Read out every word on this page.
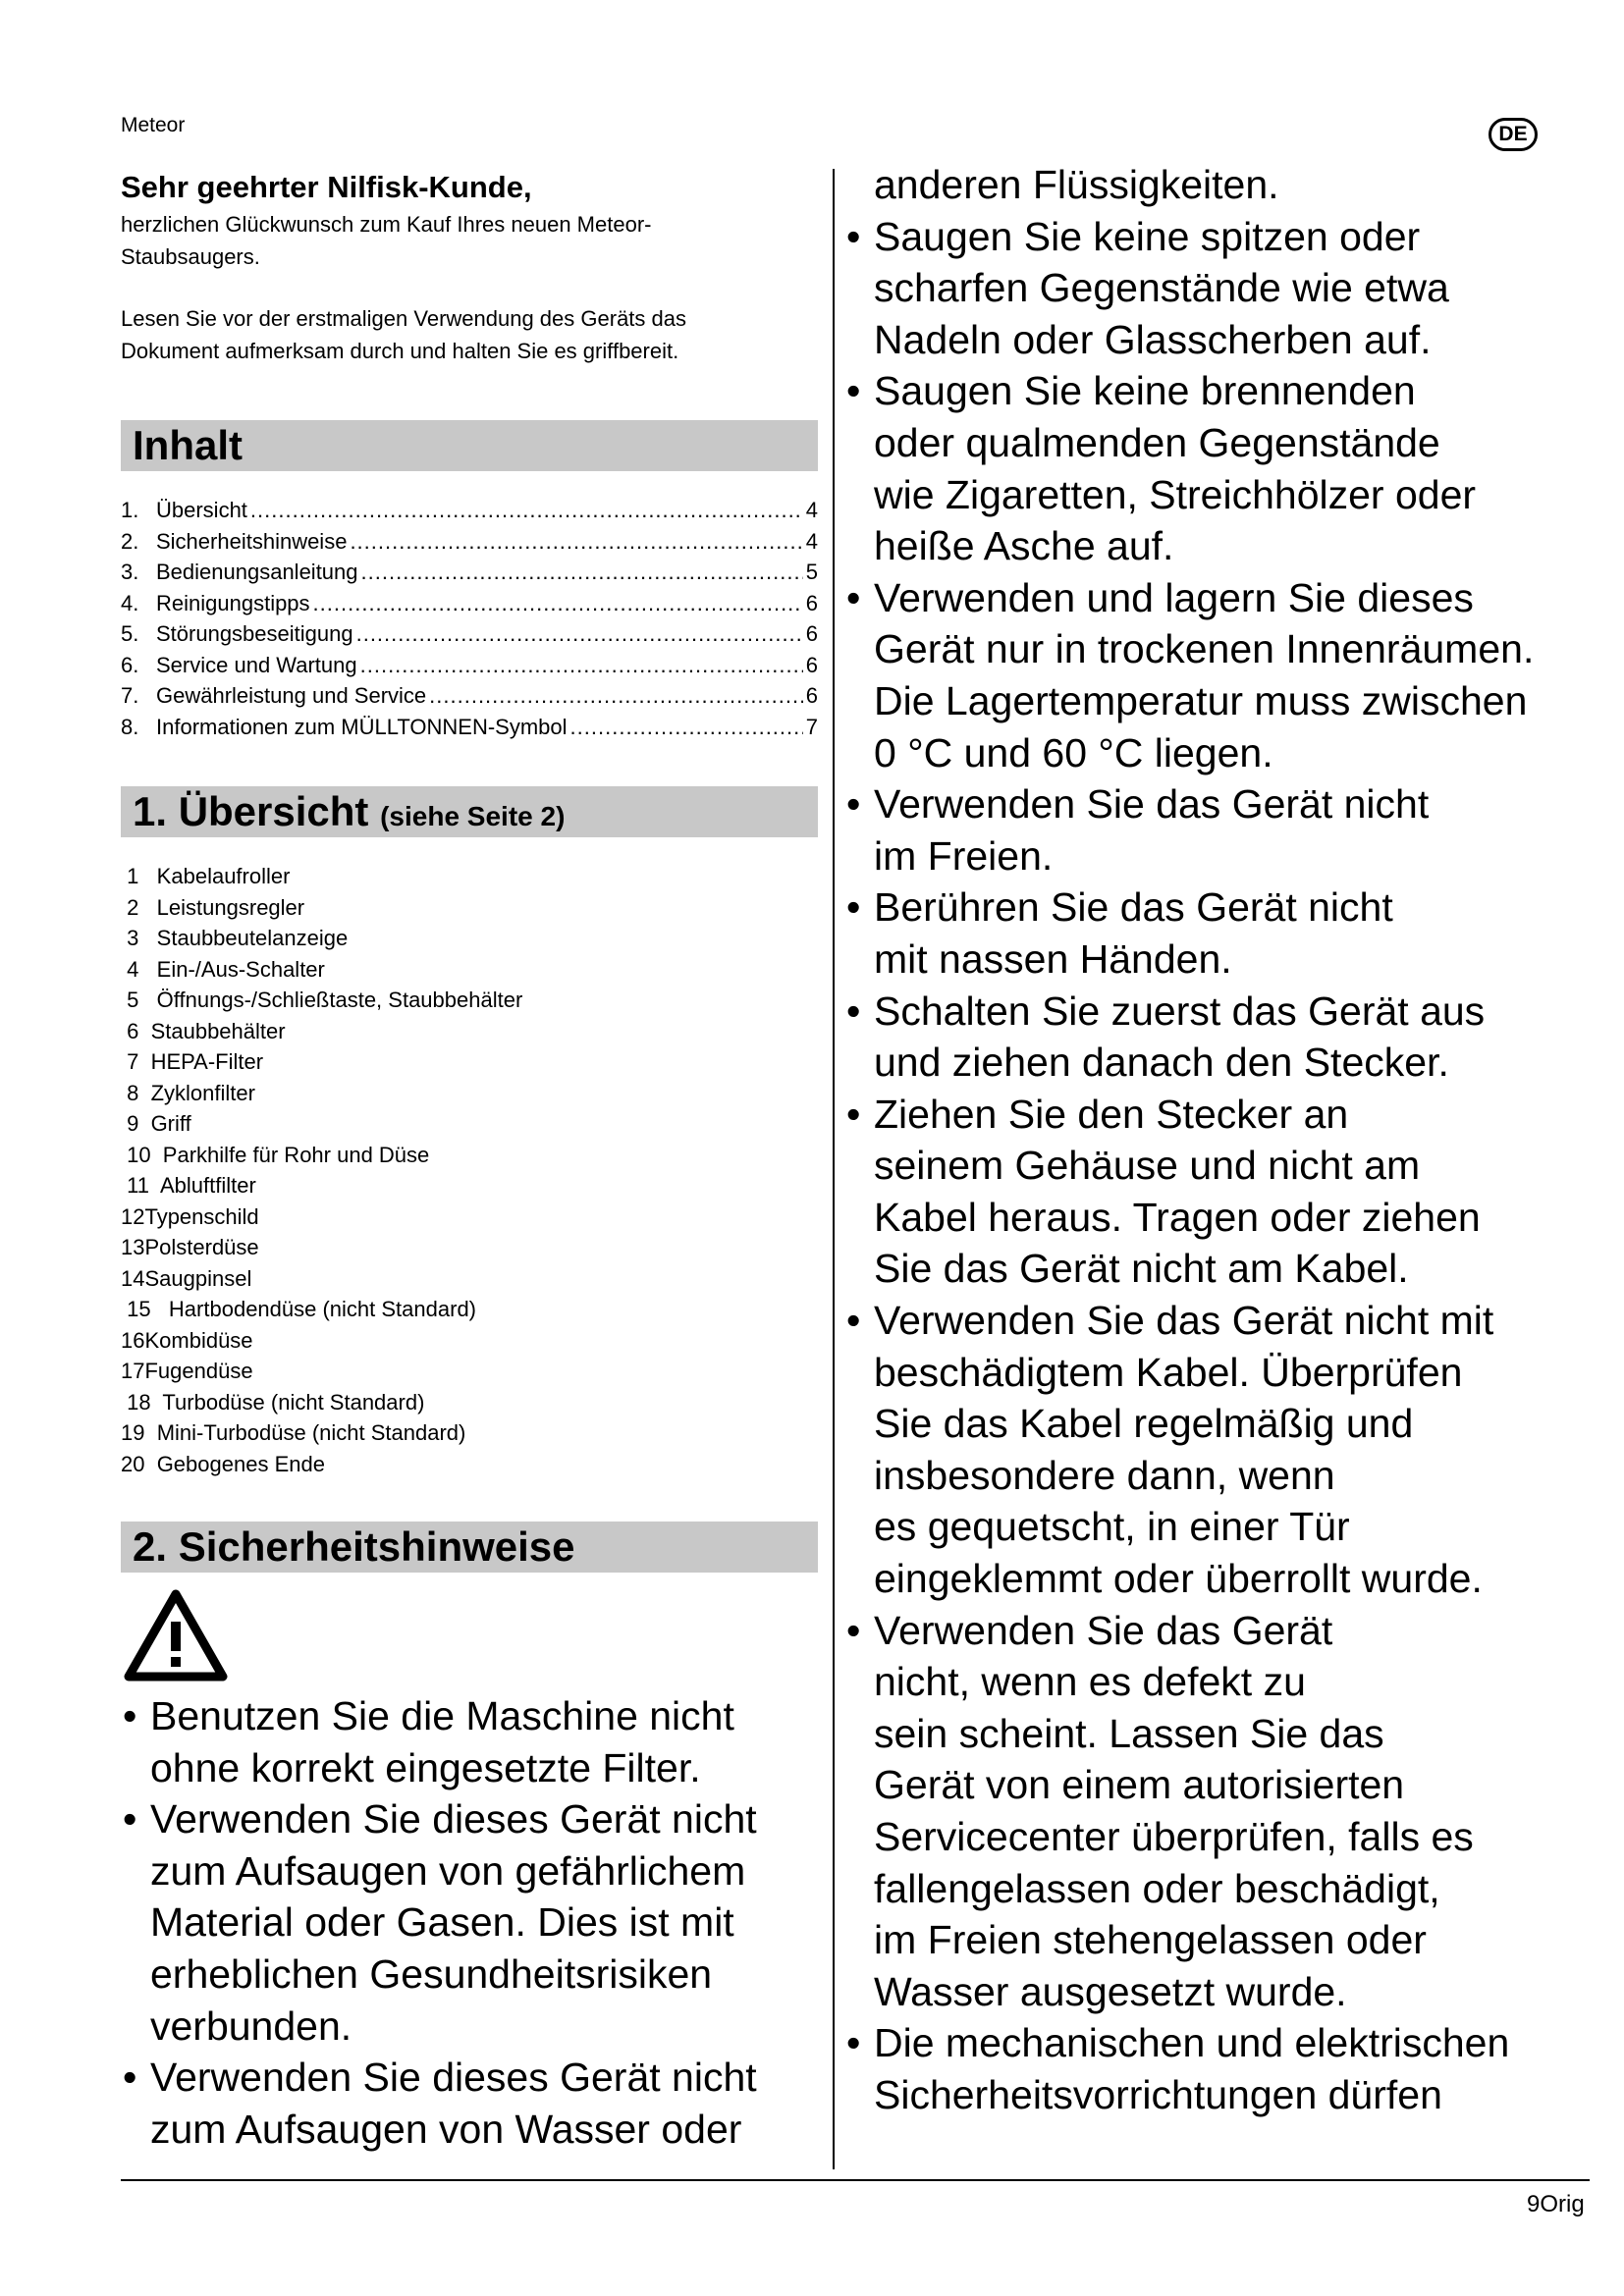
Meteor	DE

Sehr geehrter Nilfisk-Kunde,

herzlichen Glückwunsch zum Kauf Ihres neuen Meteor-

Staubsaugers.

Lesen Sie vor der erstmaligen Verwendung des Geräts das

Dokument aufmerksam durch und halten Sie es griffbereit.

Inhalt
1. Übersicht .....	4
2. Sicherheitshinweise .....	4
3. Bedienungsanleitung .....	5
4. Reinigungstipps .....	6
5. Störungsbeseitigung .....	6
6. Service und Wartung .....	6
7. Gewährleistung und Service .....	6
8. Informationen zum MÜLLTONNEN-Symbol .....	7
1. Übersicht (siehe Seite 2)
1   Kabelaufroller
2   Leistungsregler
3   Staubbeutelanzeige
4   Ein-/Aus-Schalter
5   Öffnungs-/Schließtaste, Staubbehälter
6  Staubbehälter
7  HEPA-Filter
8  Zyklonfilter
9  Griff
10  Parkhilfe für Rohr und Düse
11  Abluftfilter
12Typenschild
13Polsterdüse
14Saugpinsel
15   Hartbodendüse (nicht Standard)
16Kombidüse
17Fugendüse
18  Turbodüse (nicht Standard)
19  Mini-Turbodüse (nicht Standard)
20  Gebogenes Ende
2. Sicherheitshinweise
• Benutzen Sie die Maschine nicht
ohne korrekt eingesetzte Filter.
• Verwenden Sie dieses Gerät nicht
zum Aufsaugen von gefährlichem
Material oder Gasen. Dies ist mit
erheblichen Gesundheitsrisiken
verbunden.
• Verwenden Sie dieses Gerät nicht
zum Aufsaugen von Wasser oder
anderen Flüssigkeiten.
• Saugen Sie keine spitzen oder
scharfen Gegenstände wie etwa
Nadeln oder Glasscherben auf.
• Saugen Sie keine brennenden
oder qualmenden Gegenstände
wie Zigaretten, Streichhölzer oder
heiße Asche auf.
• Verwenden und lagern Sie dieses
Gerät nur in trockenen Innenräumen.
Die Lagertemperatur muss zwischen
0 °C und 60 °C liegen.
• Verwenden Sie das Gerät nicht
im Freien.
• Berühren Sie das Gerät nicht
mit nassen Händen.
• Schalten Sie zuerst das Gerät aus
und ziehen danach den Stecker.
• Ziehen Sie den Stecker an
seinem Gehäuse und nicht am
Kabel heraus. Tragen oder ziehen
Sie das Gerät nicht am Kabel.
• Verwenden Sie das Gerät nicht mit
beschädigtem Kabel. Überprüfen
Sie das Kabel regelmäßig und
insbesondere dann, wenn
es gequetscht, in einer Tür
eingeklemmt oder überrollt wurde.
• Verwenden Sie das Gerät
nicht, wenn es defekt zu
sein scheint. Lassen Sie das
Gerät von einem autorisierten
Servicecenter überprüfen, falls es
fallengelassen oder beschädigt,
im Freien stehengelassen oder
Wasser ausgesetzt wurde.
• Die mechanischen und elektrischen
Sicherheitsvorrichtungen dürfen
9Orig
